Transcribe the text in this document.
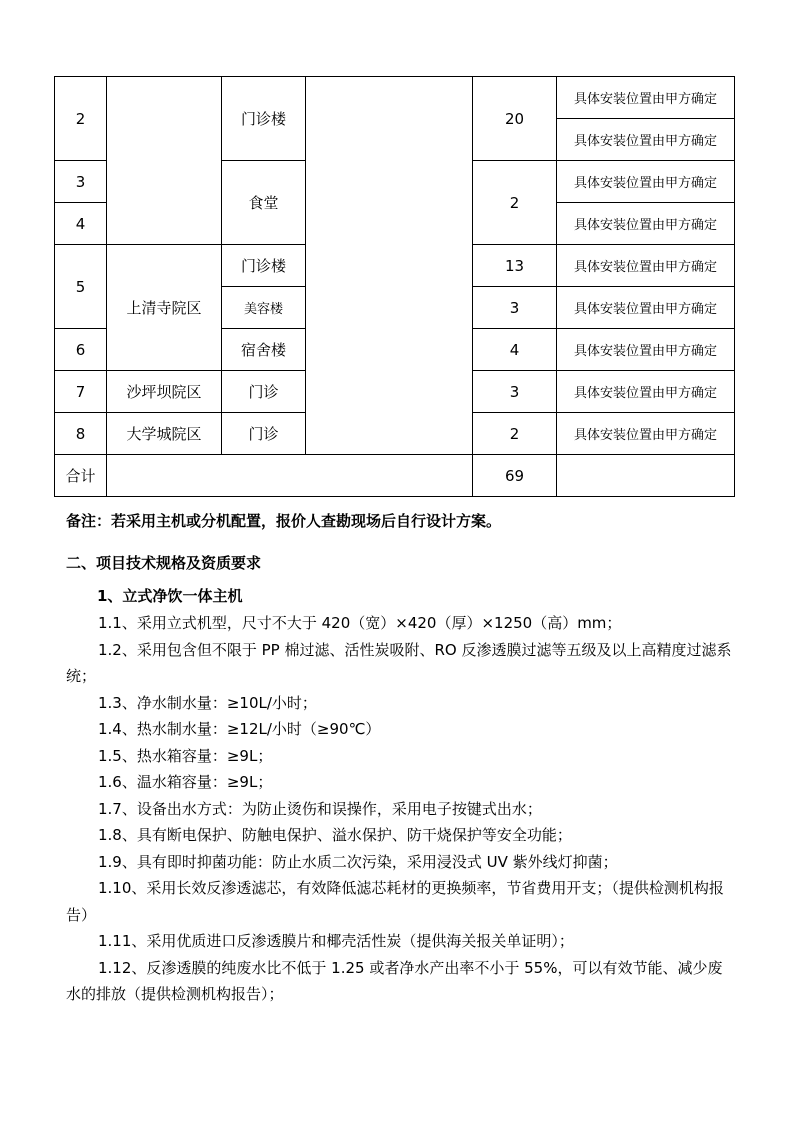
2		门诊楼		20	具体安装位置由甲方确定
					具体安装位置由甲方确定
3		食堂		2	具体安装位置由甲方确定
4					具体安装位置由甲方确定
5	上清寺院区	门诊楼		13	具体安装位置由甲方确定
		美容楼		3	具体安装位置由甲方确定
6		宿舍楼		4	具体安装位置由甲方确定
7	沙坪坝院区	门诊		3	具体安装位置由甲方确定
8	大学城院区	门诊		2	具体安装位置由甲方确定
合计				69	
备注：若采用主机或分机配置，报价人查勘现场后自行设计方案。
二、项目技术规格及资质要求
1、立式净饮一体主机

1.1、采用立式机型，尺寸不大于 420（宽）×420（厚）×1250（高）mm；

1.2、采用包含但不限于 PP 棉过滤、活性炭吸附、RO 反渗透膜过滤等五级及以上高精度过滤系统；

1.3、净水制水量：≥10L/小时；

1.4、热水制水量：≥12L/小时（≥90℃）

1.5、热水箱容量：≥9L；

1.6、温水箱容量：≥9L；

1.7、设备出水方式：为防止烫伤和误操作，采用电子按键式出水；

1.8、具有断电保护、防触电保护、溢水保护、防干烧保护等安全功能；

1.9、具有即时抑菌功能：防止水质二次污染，采用浸没式 UV 紫外线灯抑菌；

1.10、采用长效反渗透滤芯，有效降低滤芯耗材的更换频率，节省费用开支；（提供检测机构报告）

1.11、采用优质进口反渗透膜片和椰壳活性炭（提供海关报关单证明）；

1.12、反渗透膜的纯废水比不低于 1.25 或者净水产出率不小于 55%，可以有效节能、减少废水的排放（提供检测机构报告）；
